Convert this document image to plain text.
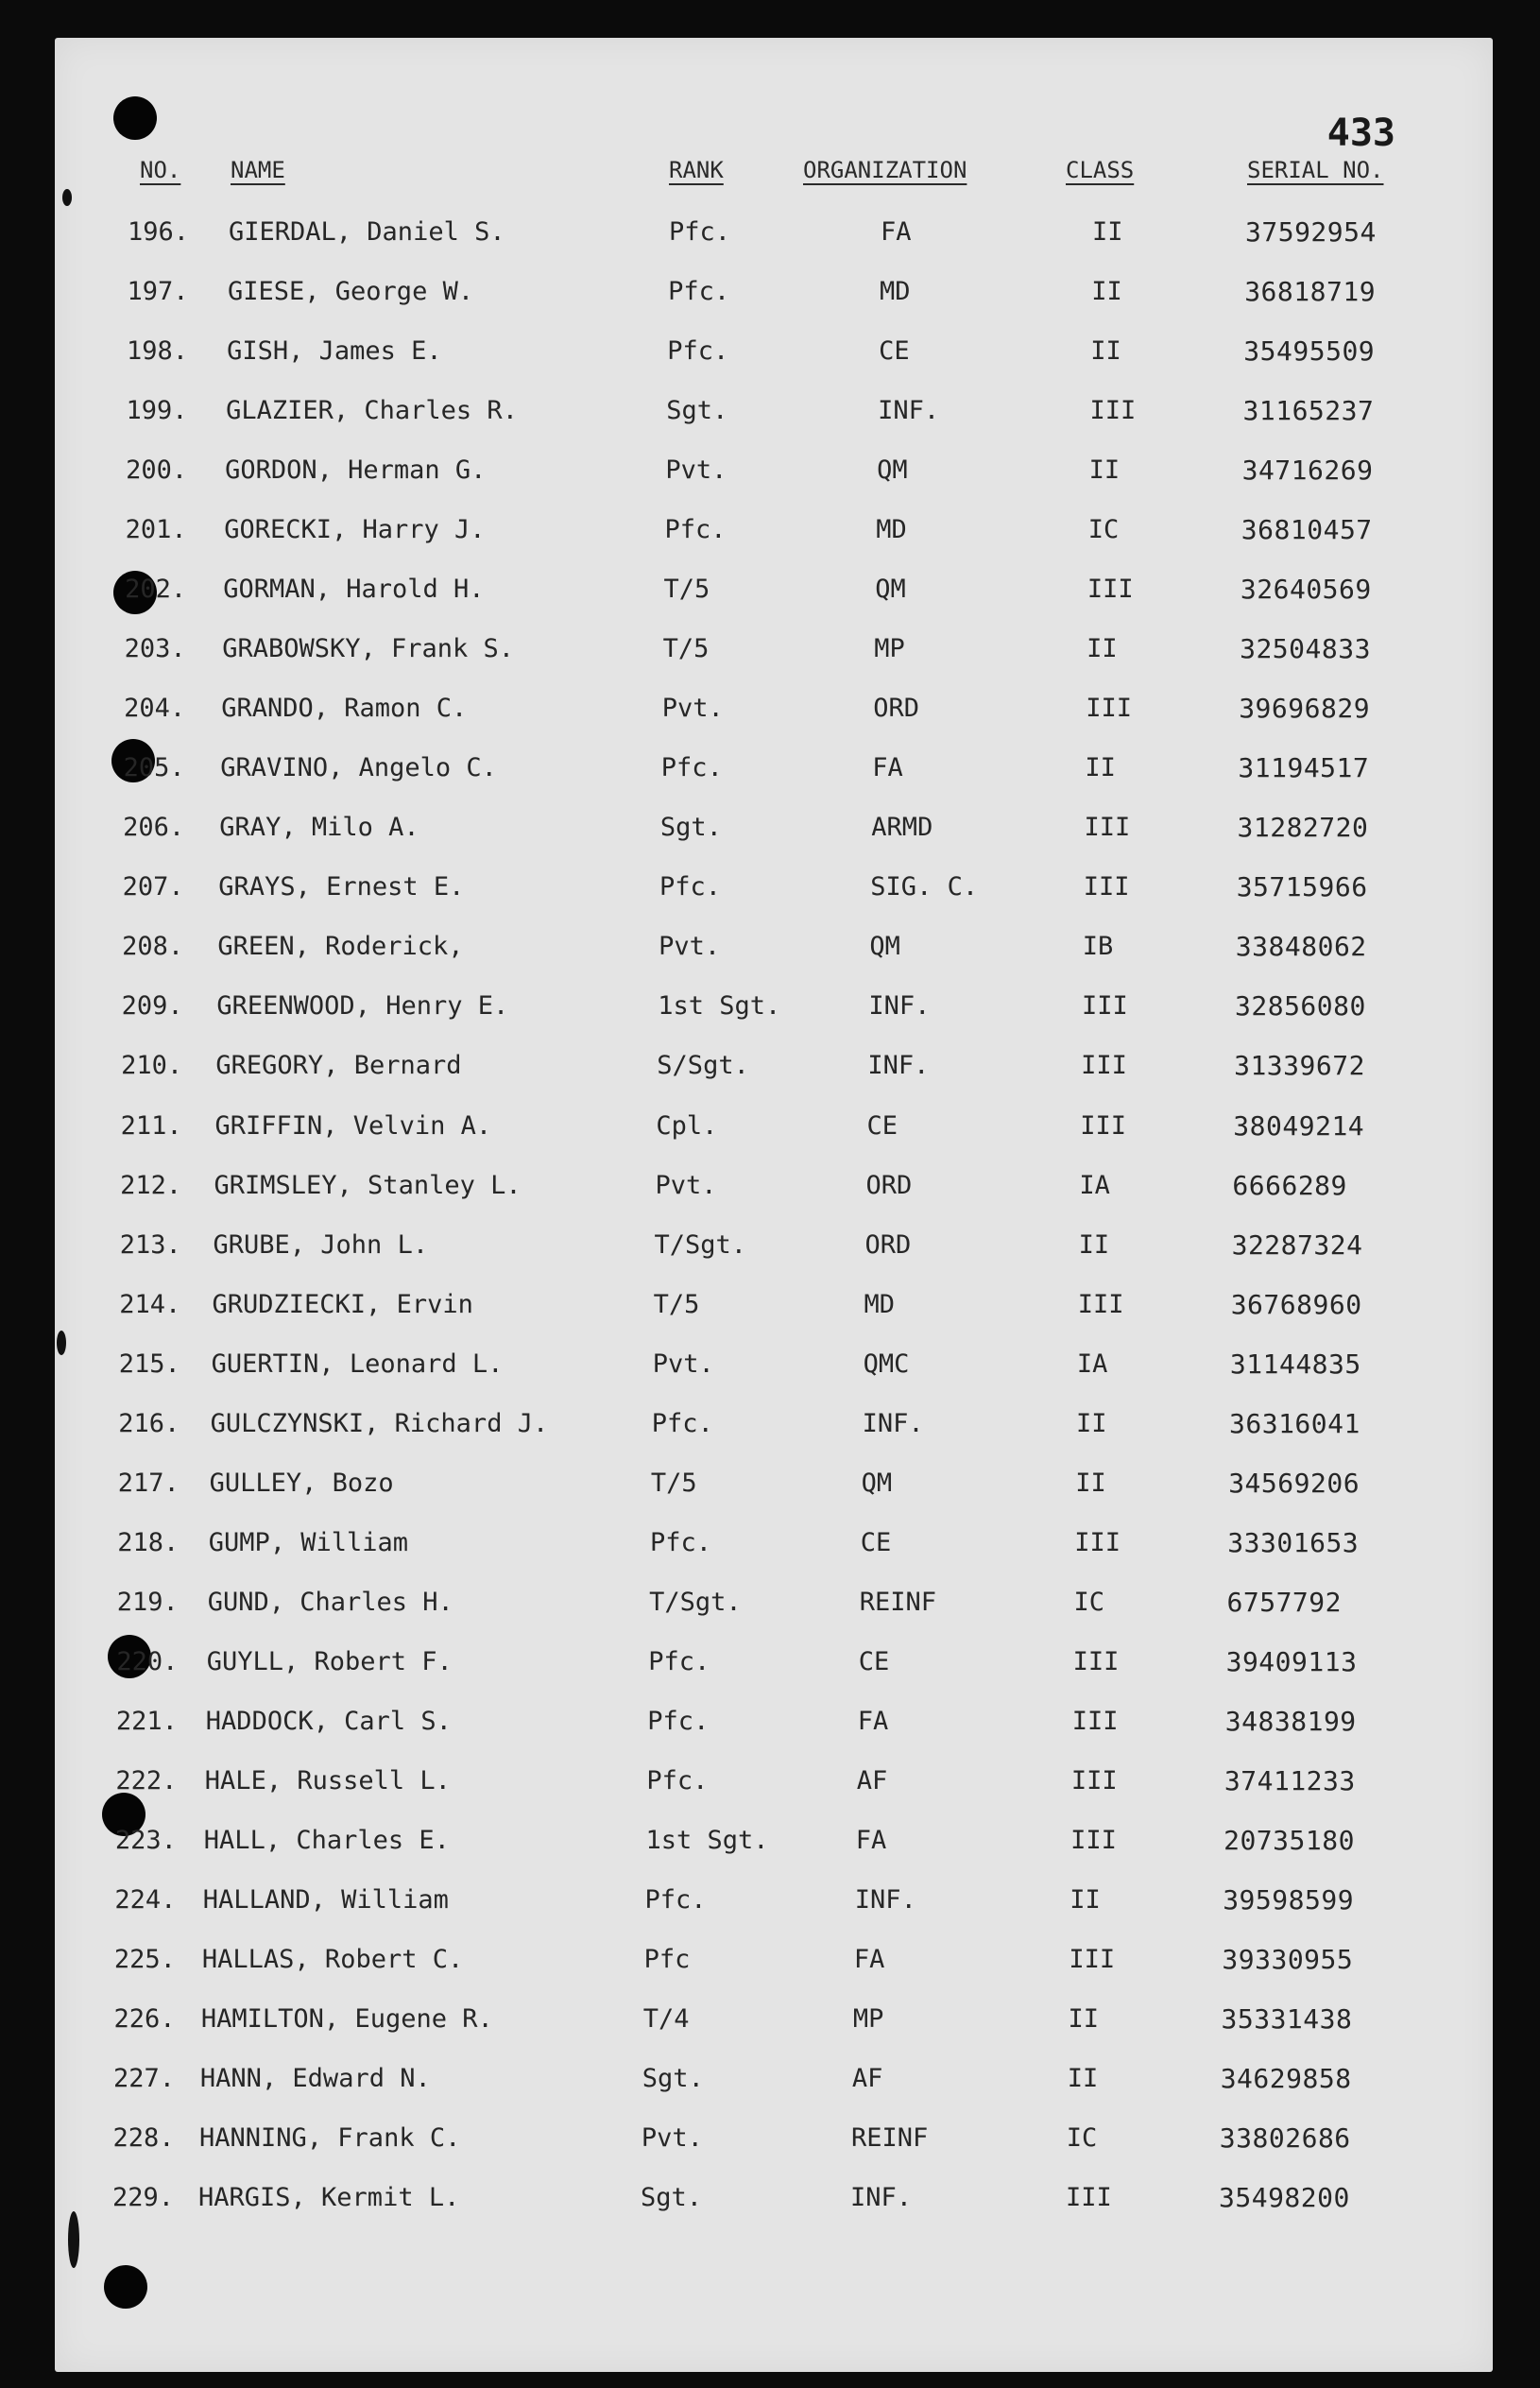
433
NO. NAME	RANK	ORGANIZATION	CLASS	SERIAL NO.
196. GIERDAL, Daniel S.	Pfc.	FA	II	37592954
197. GIESE, George W.	Pfc.	MD	II	36818719
198. GISH, James E.	Pfc.	CE	II	35495509
199. GLAZIER, Charles R.	Sgt.	INF.	III	31165237
200. GORDON, Herman G.	Pvt.	QM	II	34716269
201. GORECKI, Harry J.	Pfc.	MD	IC	36810457
202. GORMAN, Harold H.	T/5	QM	III	32640569
203. GRABOWSKY, Frank S.	T/5	MP	II	32504833
204. GRANDO, Ramon C.	Pvt.	ORD	III	39696829
205. GRAVINO, Angelo C.	Pfc.	FA	II	31194517
206. GRAY, Milo A.	Sgt.	ARMD	III	31282720
207. GRAYS, Ernest E.	Pfc.	SIG. C.	III	35715966
208. GREEN, Roderick,	Pvt.	QM	IB	33848062
209. GREENWOOD, Henry E.	1st Sgt.	INF.	III	32856080
210. GREGORY, Bernard	S/Sgt.	INF.	III	31339672
211. GRIFFIN, Velvin A.	Cpl.	CE	III	38049214
212. GRIMSLEY, Stanley L.	Pvt.	ORD	IA	6666289
213. GRUBE, John L.	T/Sgt.	ORD	II	32287324
214. GRUDZIECKI, Ervin	T/5	MD	III	36768960
215. GUERTIN, Leonard L.	Pvt.	QMC	IA	31144835
216. GULCZYNSKI, Richard J.	Pfc.	INF.	II	36316041
217. GULLEY, Bozo	T/5	QM	II	34569206
218. GUMP, William	Pfc.	CE	III	33301653
219. GUND, Charles H.	T/Sgt.	REINF	IC	6757792
220. GUYLL, Robert F.	Pfc.	CE	III	39409113
221. HADDOCK, Carl S.	Pfc.	FA	III	34838199
222. HALE, Russell L.	Pfc.	AF	III	37411233
223. HALL, Charles E.	1st Sgt.	FA	III	20735180
224. HALLAND, William	Pfc.	INF.	II	39598599
225. HALLAS, Robert C.	Pfc	FA	III	39330955
226. HAMILTON, Eugene R.	T/4	MP	II	35331438
227. HANN, Edward N.	Sgt.	AF	II	34629858
228. HANNING, Frank C.	Pvt.	REINF	IC	33802686
229. HARGIS, Kermit L.	Sgt.	INF.	III	35498200
